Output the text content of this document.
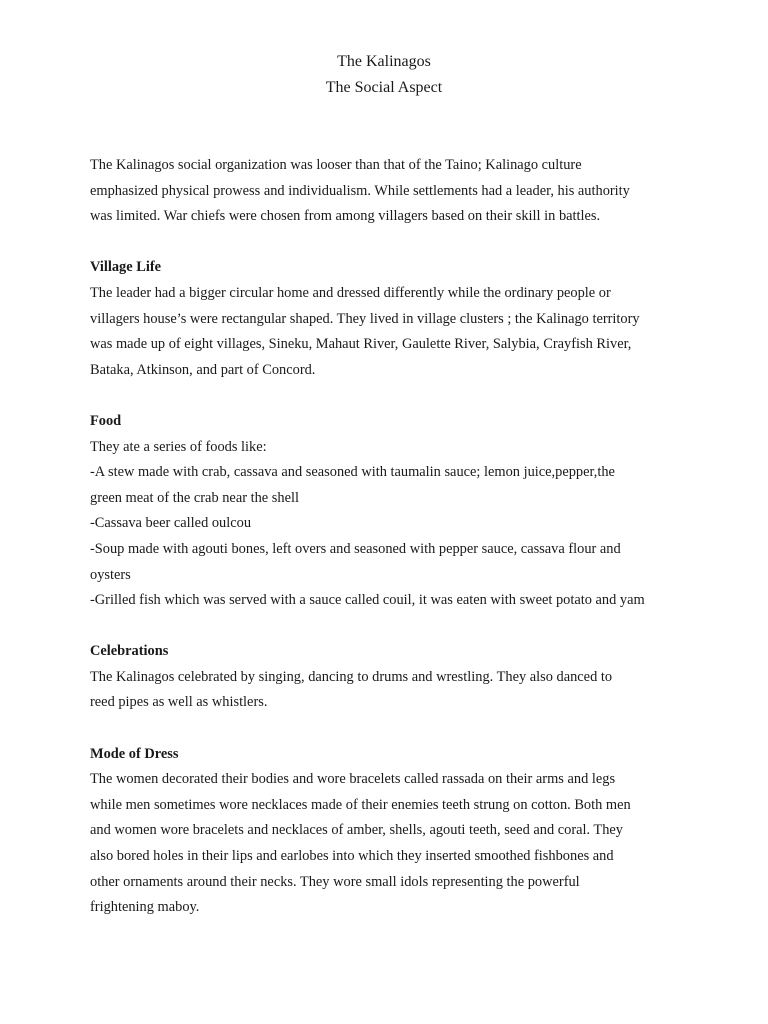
The Kalinagos
The Social Aspect

The Kalinagos social organization was looser than that of the Taino; Kalinago culture

emphasized physical prowess and individualism. While settlements had a leader, his authority

was limited. War chiefs were chosen from among villagers based on their skill in battles.

Village Life

The leader had a bigger circular home and dressed differently while the ordinary people or

villagers house’s were rectangular shaped. They lived in village clusters ; the Kalinago territory

was made up of eight villages, Sineku, Mahaut River, Gaulette River, Salybia, Crayfish River,

Bataka, Atkinson, and part of Concord.

Food

They ate a series of foods like:

-A stew made with crab, cassava and seasoned with taumalin sauce; lemon juice,pepper,the

green meat of the crab near the shell

-Cassava beer called oulcou

-Soup made with agouti bones, left overs and seasoned with pepper sauce, cassava flour and

oysters

-Grilled fish which was served with a sauce called couil, it was eaten with sweet potato and yam

Celebrations

The Kalinagos celebrated by singing, dancing to drums and wrestling. They also danced to

reed pipes as well as whistlers.

Mode of Dress

The women decorated their bodies and wore bracelets called rassada on their arms and legs

while men sometimes wore necklaces made of their enemies teeth strung on cotton. Both men

and women wore bracelets and necklaces of amber, shells, agouti teeth, seed and coral. They

also bored holes in their lips and earlobes into which they inserted smoothed fishbones and

other ornaments around their necks. They wore small idols representing the powerful

frightening maboy.
